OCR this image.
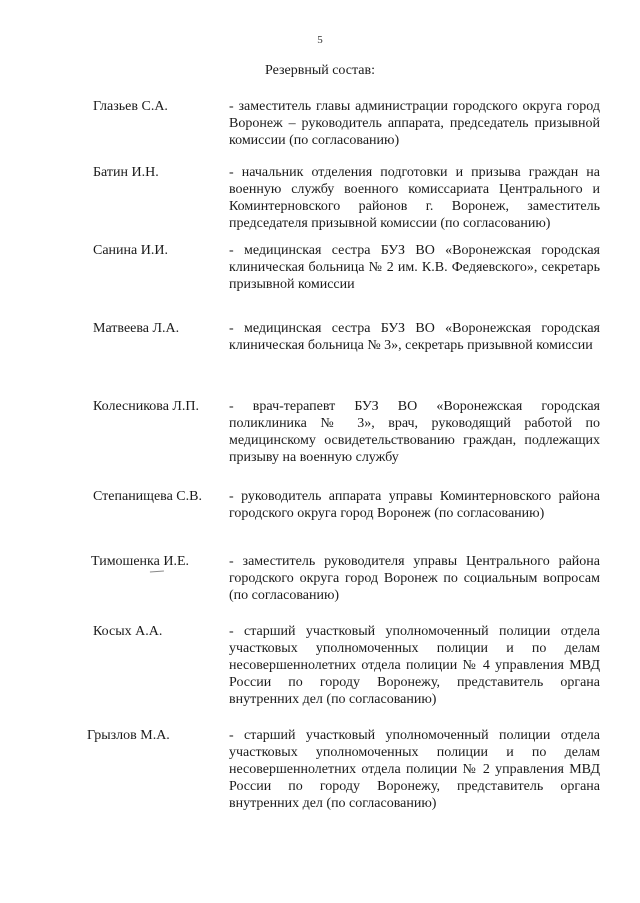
5
Резервный состав:
Глазьев С.А.	- заместитель главы администрации городского округа город Воронеж – руководитель аппарата, председатель призывной комиссии (по согласованию)
Батин И.Н.	- начальник отделения подготовки и призыва граждан на военную службу военного комиссариата Центрального и Коминтерновского районов г. Воронеж, заместитель председателя призывной комиссии (по согласованию)
Санина И.И.	- медицинская сестра БУЗ ВО «Воронежская городская клиническая больница № 2 им. К.В. Федяевского», секретарь призывной комиссии
Матвеева Л.А.	- медицинская сестра БУЗ ВО «Воронежская городская клиническая больница № 3», секретарь призывной комиссии
Колесникова Л.П. - врач-терапевт БУЗ ВО «Воронежская городская поликлиника № 3», врач, руководящий работой по медицинскому освидетельствованию граждан, подлежащих призыву на военную службу
Степанищева С.В. - руководитель аппарата управы Коминтерновского района городского округа город Воронеж (по согласованию)
Тимошенка И.Е.	- заместитель руководителя управы Центрального района городского округа город Воронеж по социальным вопросам (по согласованию)
Косых А.А.	- старший участковый уполномоченный полиции отдела участковых уполномоченных полиции и по делам несовершеннолетних отдела полиции № 4 управления МВД России по городу Воронежу, представитель органа внутренних дел (по согласованию)
Грызлов М.А.	- старший участковый уполномоченный полиции отдела участковых уполномоченных полиции и по делам несовершеннолетних отдела полиции № 2 управления МВД России по городу Воронежу, представитель органа внутренних дел (по согласованию)
